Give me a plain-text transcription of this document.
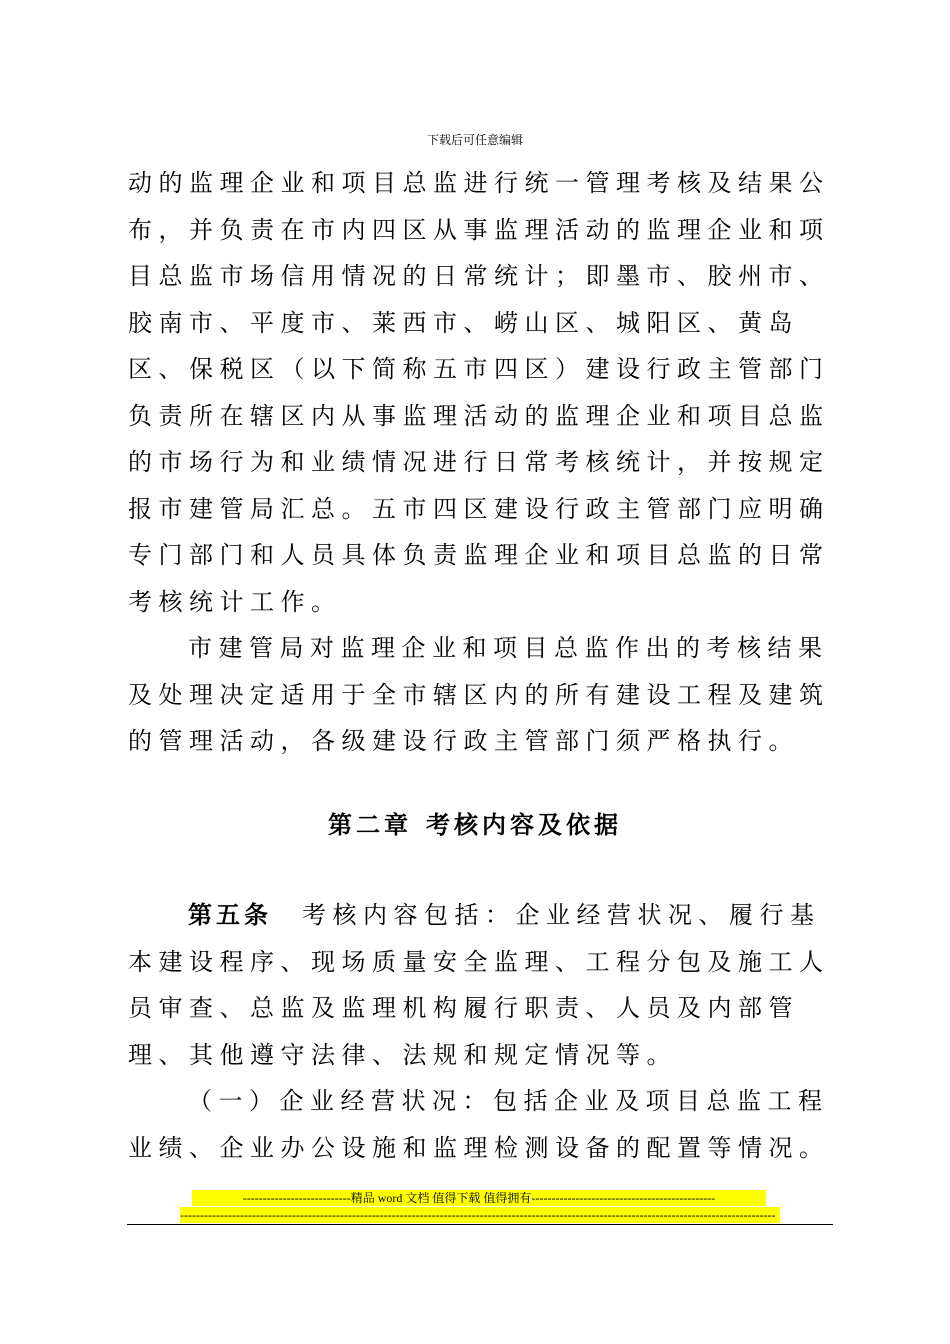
下载后可任意编辑

动的监理企业和项目总监进行统一管理考核及结果公布，并负责在市内四区从事监理活动的监理企业和项目总监市场信用情况的日常统计；即墨市、胶州市、胶南市、平度市、莱西市、崂山区、城阳区、黄岛区、保税区（以下简称五市四区）建设行政主管部门负责所在辖区内从事监理活动的监理企业和项目总监的市场行为和业绩情况进行日常考核统计，并按规定报市建管局汇总。五市四区建设行政主管部门应明确专门部门和人员具体负责监理企业和项目总监的日常考核统计工作。

市建管局对监理企业和项目总监作出的考核结果及处理决定适用于全市辖区内的所有建设工程及建筑的管理活动，各级建设行政主管部门须严格执行。

第二章 考核内容及依据

第五条 考核内容包括：企业经营状况、履行基本建设程序、现场质量安全监理、工程分包及施工人员审查、总监及监理机构履行职责、人员及内部管理、其他遵守法律、法规和规定情况等。

（一）企业经营状况：包括企业及项目总监工程业绩、企业办公设施和监理检测设备的配置等情况。

---------------------------精品 word 文档 值得下载 值得拥有----------------------------------------------
-----------------------------------------------------------------------------------------------------------------------------------------------------
